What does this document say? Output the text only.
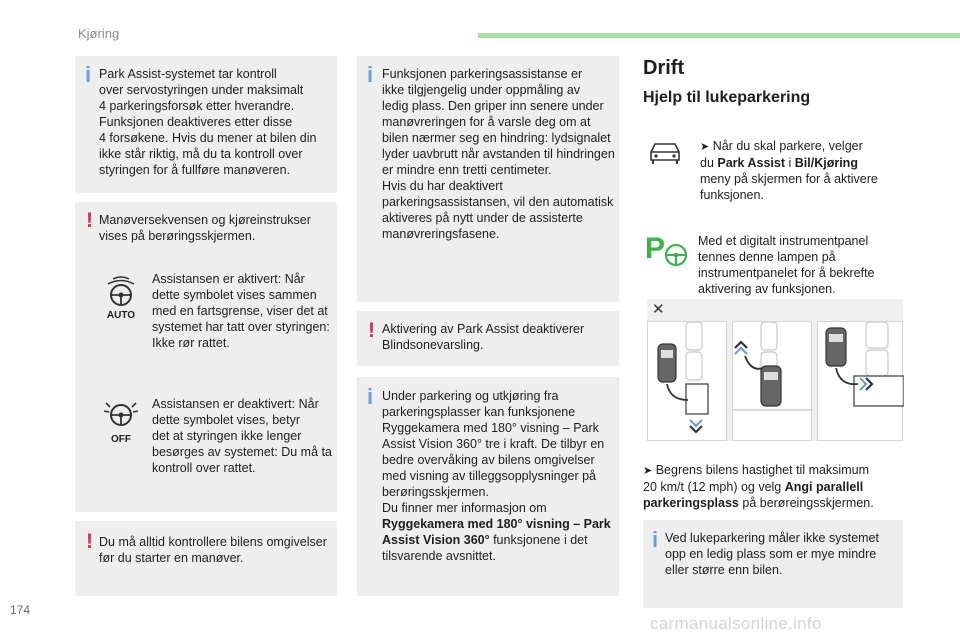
Kjøring
i Park Assist-systemet tar kontroll
over servostyringen under maksimalt
4 parkeringsforsøk etter hverandre.
Funksjonen deaktiveres etter disse
4 forsøkene. Hvis du mener at bilen din
ikke står riktig, må du ta kontroll over
styringen for å fullføre manøveren.
! Manøversekvensen og kjøreinstrukser
vises på berøringsskjermen.
AUTO
Assistansen er aktivert: Når
dette symbolet vises sammen
med en fartsgrense, viser det at
systemet har tatt over styringen:
Ikke rør rattet.
OFF
Assistansen er deaktivert: Når
dette symbolet vises, betyr
det at styringen ikke lenger
besørges av systemet: Du må ta
kontroll over rattet.
! Du må alltid kontrollere bilens omgivelser
før du starter en manøver.
i Funksjonen parkeringsassistanse er
ikke tilgjengelig under oppmåling av
ledig plass. Den griper inn senere under
manøvreringen for å varsle deg om at
bilen nærmer seg en hindring: lydsignalet
lyder uavbrutt når avstanden til hindringen
er mindre enn tretti centimeter.
Hvis du har deaktivert
parkeringsassistansen, vil den automatisk
aktiveres på nytt under de assisterte
manøvreringsfasene.
! Aktivering av Park Assist deaktiverer
Blindsonevarsling.
i Under parkering og utkjøring fra
parkeringsplasser kan funksjonene
Ryggekamera med 180° visning – Park
Assist Vision 360° tre i kraft. De tilbyr en
bedre overvåking av bilens omgivelser
med visning av tilleggsopplysninger på
berøringsskjermen.
Du finner mer informasjon om
Ryggekamera med 180° visning – Park
Assist Vision 360° funksjonene i det
tilsvarende avsnittet.
Drift
Hjelp til lukeparkering
➤ Når du skal parkere, velger
du Park Assist i Bil/Kjøring
meny på skjermen for å aktivere
funksjonen.
P	Med et digitalt instrumentpanel
tennes denne lampen på
instrumentpanelet for å bekrefte
aktivering av funksjonen.
✕
➤ Begrens bilens hastighet til maksimum
20 km/t (12 mph) og velg Angi parallell
parkeringsplass på berøreingsskjermen.
i Ved lukeparkering måler ikke systemet
opp en ledig plass som er mye mindre
eller større enn bilen.
174
carmanualsonline.info
